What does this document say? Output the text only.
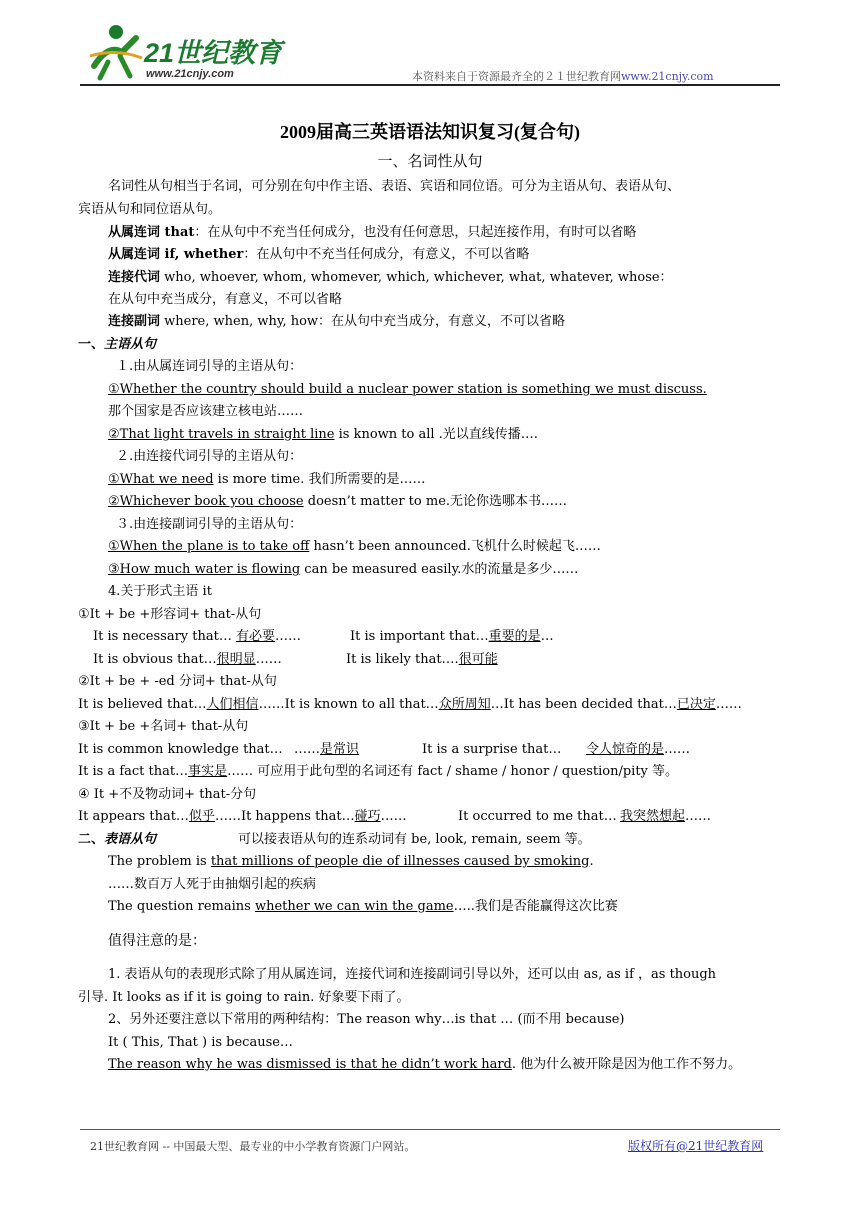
21世纪教育
www.21cnjy.com	本资料来自于资源最齐全的２１世纪教育网www.21cnjy.com
2009届高三英语语法知识复习(复合句)
一、名词性从句
名词性从句相当于名词，可分别在句中作主语、表语、宾语和同位语。可分为主语从句、表语从句、
宾语从句和同位语从句。
从属连词 that：在从句中不充当任何成分，也没有任何意思，只起连接作用，有时可以省略
从属连词 if, whether：在从句中不充当任何成分，有意义，不可以省略
连接代词 who, whoever, whom, whomever, which, whichever, what, whatever, whose：
在从句中充当成分，有意义，不可以省略
连接副词 where, when, why, how：在从句中充当成分，有意义，不可以省略
一、主语从句
１.由从属连词引导的主语从句：
①Whether the country should build a nuclear power station is something we must discuss.
那个国家是否应该建立核电站……
②That light travels in straight line is known to all .光以直线传播….
２.由连接代词引导的主语从句：
①What we need is more time. 我们所需要的是……
②Whichever book you choose doesn’t matter to me.无论你选哪本书……
３.由连接副词引导的主语从句：
①When the plane is to take off hasn’t been announced.飞机什么时候起飞……
③How much water is flowing can be measured easily.水的流量是多少……
4.关于形式主语 it
①It + be +形容词+ that-从句
It is necessary that… 有必要……	It is important that…重要的是…
It is obvious that…很明显……	It is likely that….很可能
②It + be + -ed 分词+ that-从句
It is believed that…人们相信……It is known to all that…众所周知…It has been decided that…已决定……
③It + be +名词+ that-从句
It is common knowledge that… ……是常识	It is a surprise that… 令人惊奇的是……
It is a fact that…事实是…… 可应用于此句型的名词还有 fact / shame / honor / question/pity 等。
④ It +不及物动词+ that-分句
It appears that…似乎……It happens that…碰巧……	It occurred to me that… 我突然想起……
二、表语从句	可以接表语从句的连系动词有 be, look, remain, seem 等。
The problem is that millions of people die of illnesses caused by smoking.
……数百万人死于由抽烟引起的疾病
The question remains whether we can win the game…..我们是否能赢得这次比赛
值得注意的是：
1. 表语从句的表现形式除了用从属连词，连接代词和连接副词引导以外，还可以由 as, as if ，as though
引导. It looks as if it is going to rain. 好象要下雨了。
2、另外还要注意以下常用的两种结构：The reason why…is that … (而不用 because)
It ( This, That ) is because…
The reason why he was dismissed is that he didn’t work hard. 他为什么被开除是因为他工作不努力。
21世纪教育网 -- 中国最大型、最专业的中小学教育资源门户网站。	版权所有@21世纪教育网
